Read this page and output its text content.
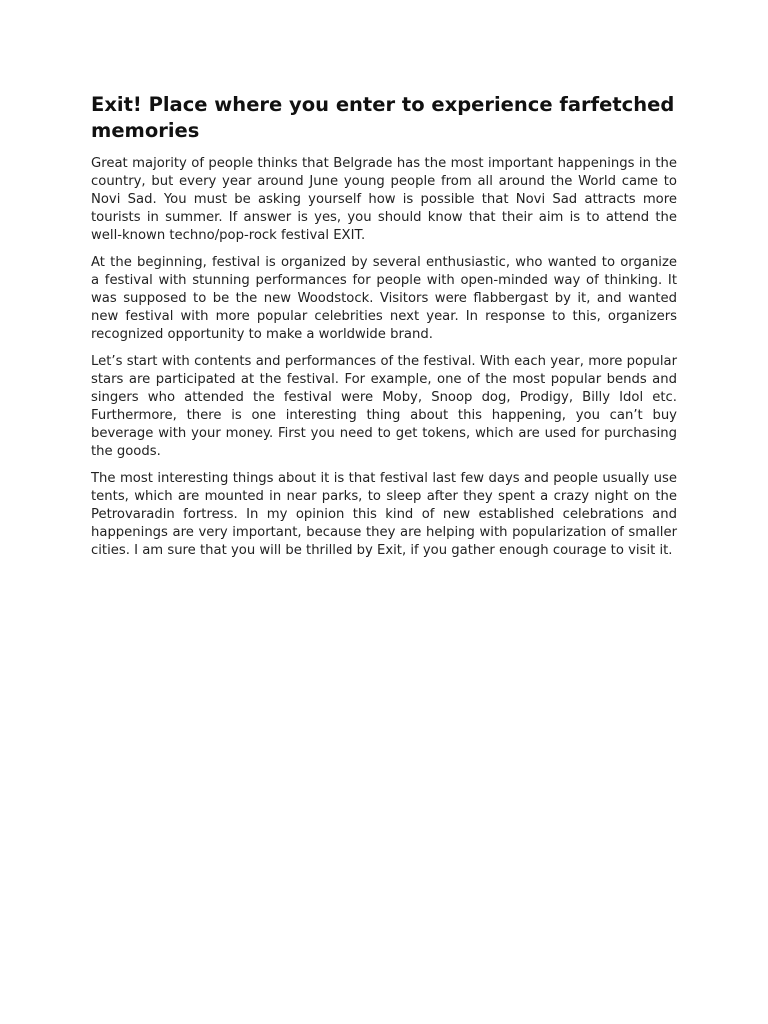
Exit! Place where you enter to experience farfetched memories

Great majority of people thinks that Belgrade has the most important happenings in the country, but every year around June young people from all around the World came to Novi Sad. You must be asking yourself how is possible that Novi Sad attracts more tourists in summer. If answer is yes, you should know that their aim is to attend the well-known techno/pop-rock festival EXIT.

At the beginning, festival is organized by several enthusiastic, who wanted to organize a festival with stunning performances for people with open-minded way of thinking. It was supposed to be the new Woodstock. Visitors were flabbergast by it, and wanted new festival with more popular celebrities next year. In response to this, organizers recognized opportunity to make a worldwide brand.

Let’s start with contents and performances of the festival. With each year, more popular stars are participated at the festival. For example, one of the most popular bends and singers who attended the festival were Moby, Snoop dog, Prodigy, Billy Idol etc. Furthermore, there is one interesting thing about this happening, you can’t buy beverage with your money. First you need to get tokens, which are used for purchasing the goods.

The most interesting things about it is that festival last few days and people usually use tents, which are mounted in near parks, to sleep after they spent a crazy night on the Petrovaradin fortress. In my opinion this kind of new established celebrations and happenings are very important, because they are helping with popularization of smaller cities. I am sure that you will be thrilled by Exit, if you gather enough courage to visit it.
